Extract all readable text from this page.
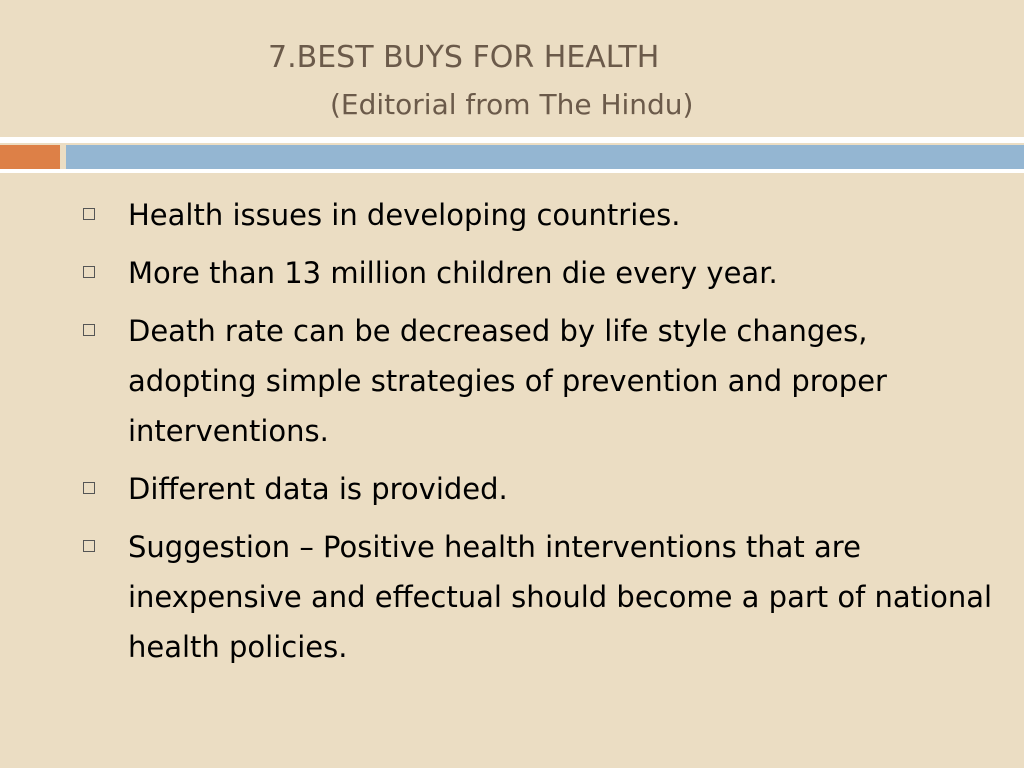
7.BEST BUYS FOR HEALTH
(Editorial from The Hindu)
Health issues in developing countries.
More than 13 million children die every year.
Death rate can be decreased by life style changes, adopting simple strategies of prevention and proper interventions.
Different data is provided.
Suggestion – Positive health interventions that are inexpensive and effectual should become a part of national health policies.
